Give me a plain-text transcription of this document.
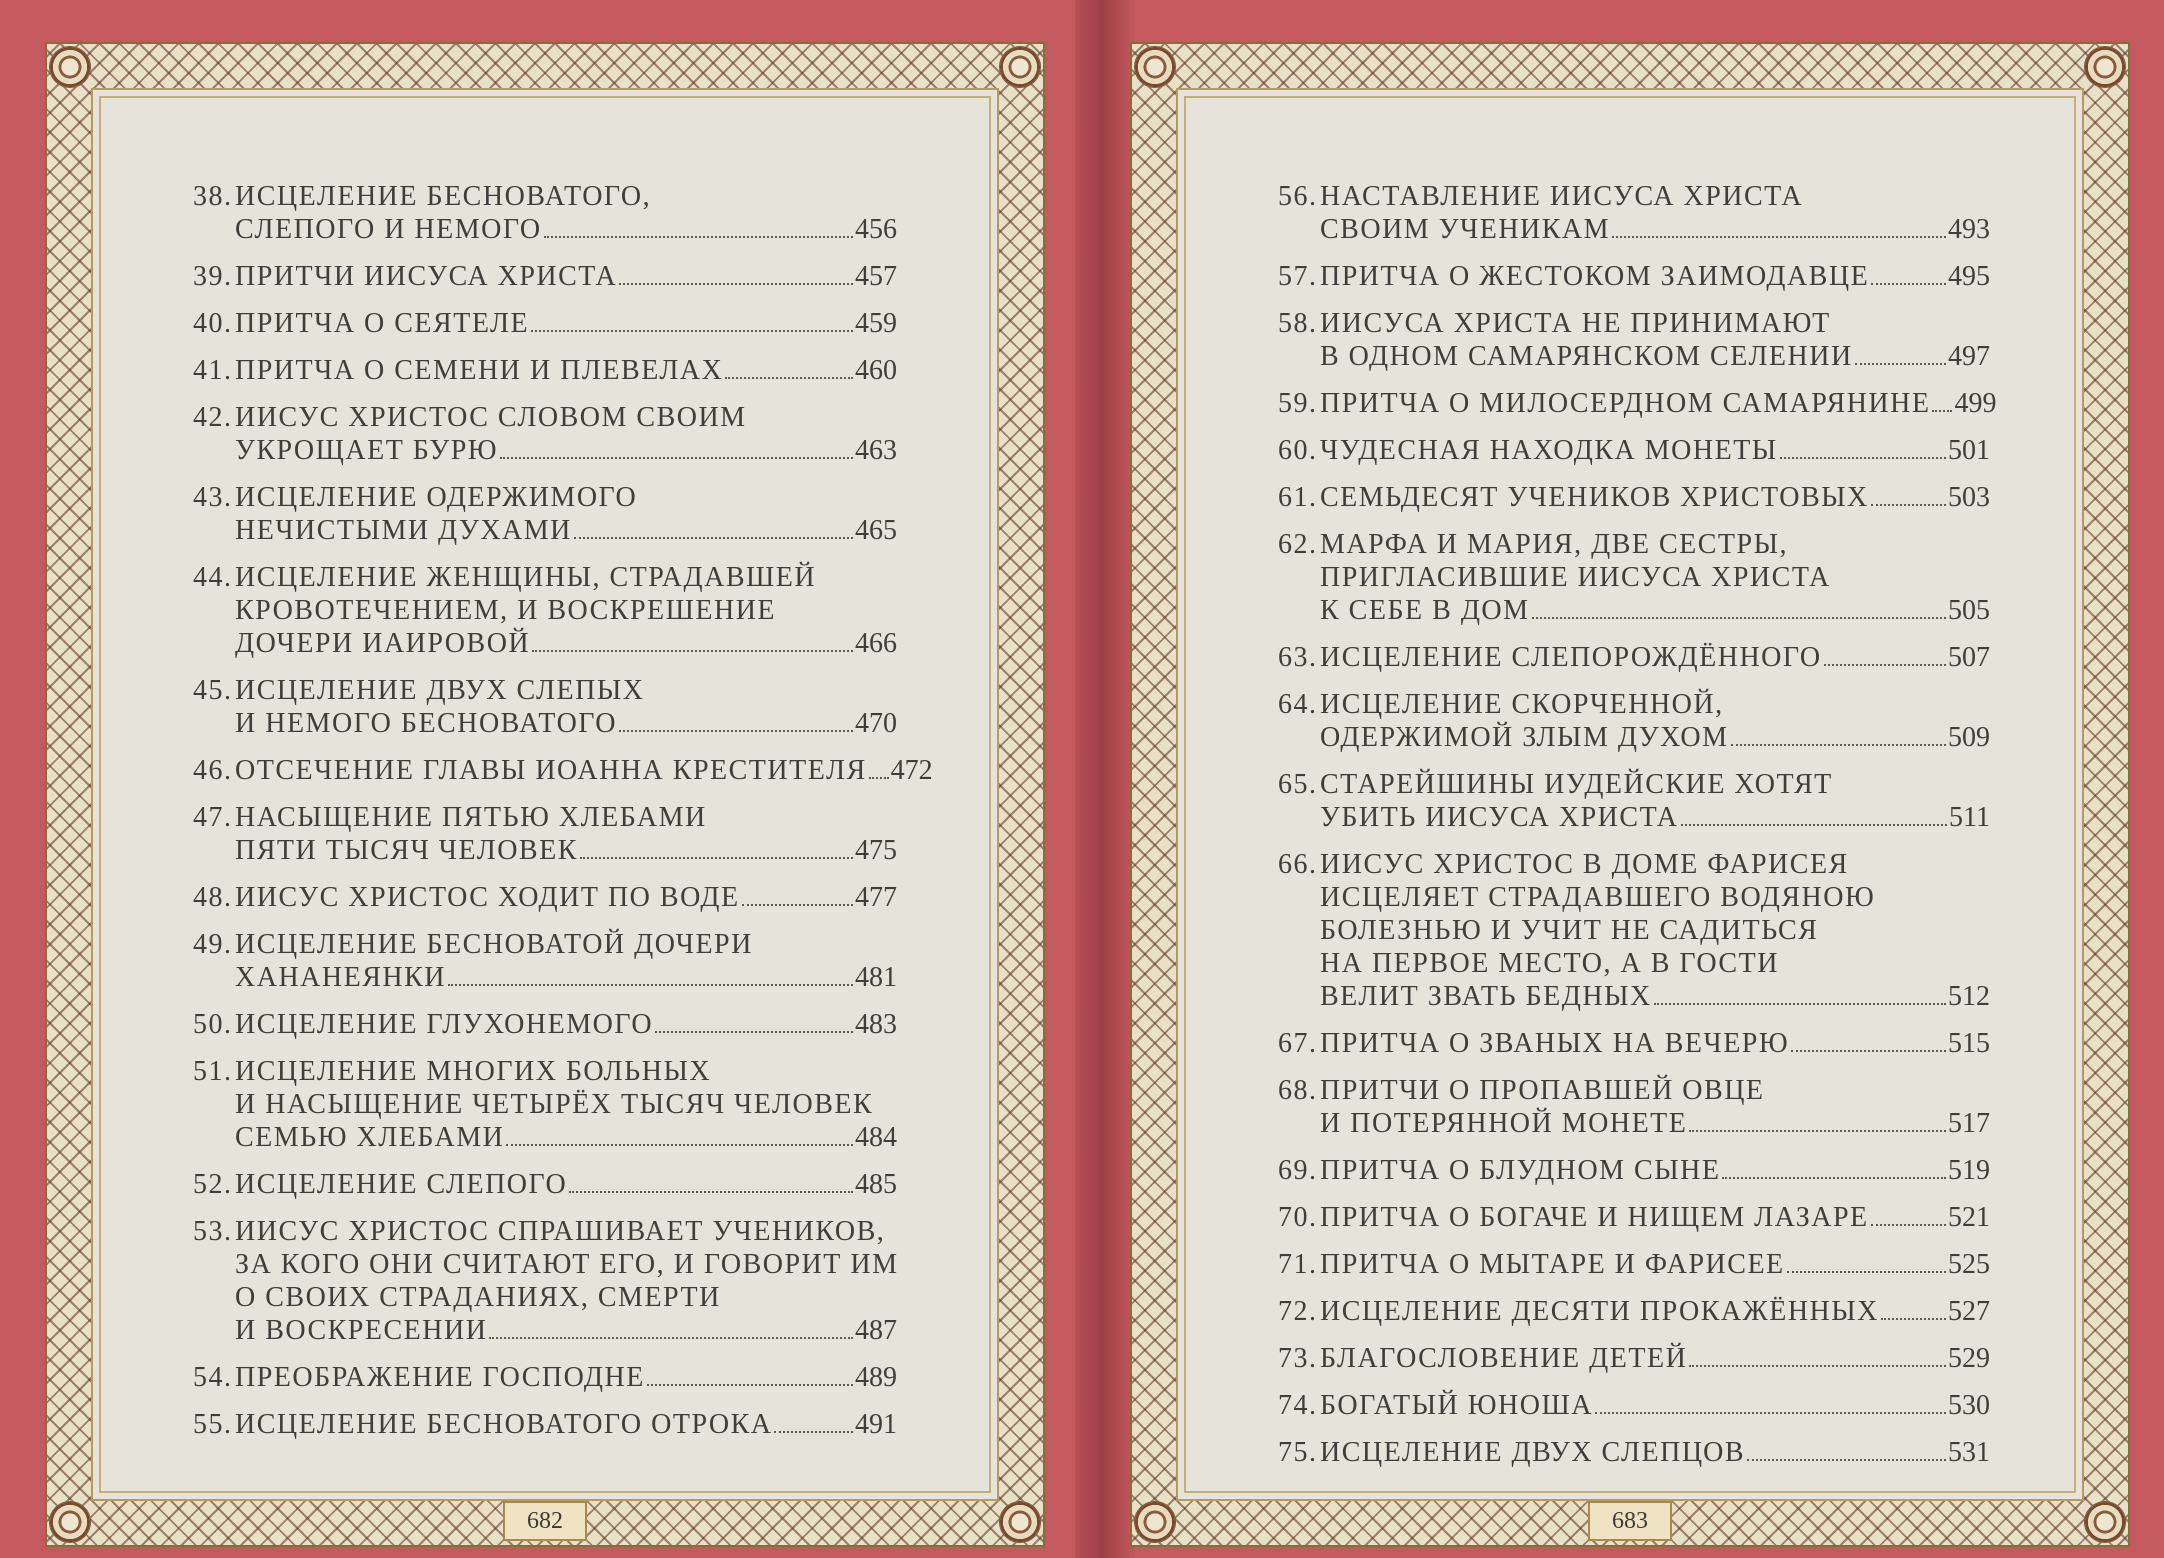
38. ИСЦЕЛЕНИЕ БЕСНОВАТОГО,
СЛЕПОГО И НЕМОГО	456
39. ПРИТЧИ ИИСУСА ХРИСТА	457
40. ПРИТЧА О СЕЯТЕЛЕ	459
41. ПРИТЧА О СЕМЕНИ И ПЛЕВЕЛАХ	460
42. ИИСУС ХРИСТОС СЛОВОМ СВОИМ
УКРОЩАЕТ БУРЮ	463
43. ИСЦЕЛЕНИЕ ОДЕРЖИМОГО
НЕЧИСТЫМИ ДУХАМИ	465
44. ИСЦЕЛЕНИЕ ЖЕНЩИНЫ, СТРАДАВШЕЙ
КРОВОТЕЧЕНИЕМ, И ВОСКРЕШЕНИЕ
ДОЧЕРИ ИАИРОВОЙ	466
45. ИСЦЕЛЕНИЕ ДВУХ СЛЕПЫХ
И НЕМОГО БЕСНОВАТОГО	470
46. ОТСЕЧЕНИЕ ГЛАВЫ ИОАННА КРЕСТИТЕЛЯ 472
47. НАСЫЩЕНИЕ ПЯТЬЮ ХЛЕБАМИ
ПЯТИ ТЫСЯЧ ЧЕЛОВЕК	475
48. ИИСУС ХРИСТОС ХОДИТ ПО ВОДЕ	477
49. ИСЦЕЛЕНИЕ БЕСНОВАТОЙ ДОЧЕРИ
ХАНАНЕЯНКИ	481
50. ИСЦЕЛЕНИЕ ГЛУХОНЕМОГО	483
51. ИСЦЕЛЕНИЕ МНОГИХ БОЛЬНЫХ
И НАСЫЩЕНИЕ ЧЕТЫРЁХ ТЫСЯЧ ЧЕЛОВЕК
СЕМЬЮ ХЛЕБАМИ	484
52. ИСЦЕЛЕНИЕ СЛЕПОГО	485
53. ИИСУС ХРИСТОС СПРАШИВАЕТ УЧЕНИКОВ,
ЗА КОГО ОНИ СЧИТАЮТ ЕГО, И ГОВОРИТ ИМ
О СВОИХ СТРАДАНИЯХ, СМЕРТИ
И ВОСКРЕСЕНИИ	487
54. ПРЕОБРАЖЕНИЕ ГОСПОДНЕ	489
55. ИСЦЕЛЕНИЕ БЕСНОВАТОГО ОТРОКА	491
682
56. НАСТАВЛЕНИЕ ИИСУСА ХРИСТА
СВОИМ УЧЕНИКАМ	493
57. ПРИТЧА О ЖЕСТОКОМ ЗАИМОДАВЦЕ	495
58. ИИСУСА ХРИСТА НЕ ПРИНИМАЮТ
В ОДНОМ САМАРЯНСКОМ СЕЛЕНИИ	497
59. ПРИТЧА О МИЛОСЕРДНОМ САМАРЯНИНЕ 499
60. ЧУДЕСНАЯ НАХОДКА МОНЕТЫ	501
61. СЕМЬДЕСЯТ УЧЕНИКОВ ХРИСТОВЫХ	503
62. МАРФА И МАРИЯ, ДВЕ СЕСТРЫ,
ПРИГЛАСИВШИЕ ИИСУСА ХРИСТА
К СЕБЕ В ДОМ	505
63. ИСЦЕЛЕНИЕ СЛЕПОРОЖДЁННОГО	507
64. ИСЦЕЛЕНИЕ СКОРЧЕННОЙ,
ОДЕРЖИМОЙ ЗЛЫМ ДУХОМ	509
65. СТАРЕЙШИНЫ ИУДЕЙСКИЕ ХОТЯТ
УБИТЬ ИИСУСА ХРИСТА	511
66. ИИСУС ХРИСТОС В ДОМЕ ФАРИСЕЯ
ИСЦЕЛЯЕТ СТРАДАВШЕГО ВОДЯНОЮ
БОЛЕЗНЬЮ И УЧИТ НЕ САДИТЬСЯ
НА ПЕРВОЕ МЕСТО, А В ГОСТИ
ВЕЛИТ ЗВАТЬ БЕДНЫХ	512
67. ПРИТЧА О ЗВАНЫХ НА ВЕЧЕРЮ	515
68. ПРИТЧИ О ПРОПАВШЕЙ ОВЦЕ
И ПОТЕРЯННОЙ МОНЕТЕ	517
69. ПРИТЧА О БЛУДНОМ СЫНЕ	519
70. ПРИТЧА О БОГАЧЕ И НИЩЕМ ЛАЗАРЕ	521
71. ПРИТЧА О МЫТАРЕ И ФАРИСЕЕ	525
72. ИСЦЕЛЕНИЕ ДЕСЯТИ ПРОКАЖЁННЫХ 527
73. БЛАГОСЛОВЕНИЕ ДЕТЕЙ	529
74. БОГАТЫЙ ЮНОША	530
75. ИСЦЕЛЕНИЕ ДВУХ СЛЕПЦОВ	531
683
